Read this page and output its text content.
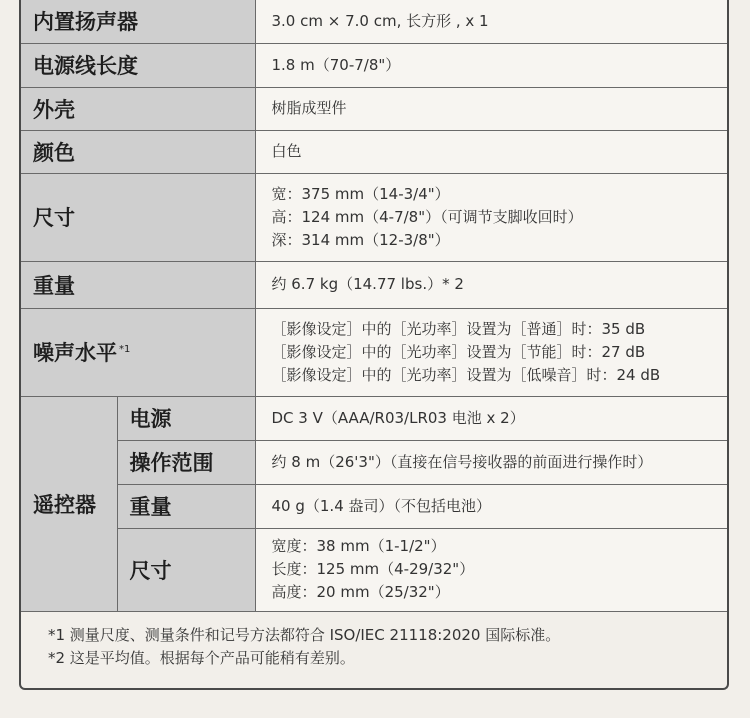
内置扬声器		3.0 cm × 7.0 cm, 长方形 , x 1
电源线长度		1.8 m（70-7/8"）
外壳		树脂成型件
颜色		白色
尺寸		宽：375 mm（14-3/4"）
高：124 mm（4-7/8"）（可调节支脚收回时）
深：314 mm（12-3/8"）

重量		约 6.7 kg（14.77 lbs.）* 2
噪声水平 $^{*1}$		［影像设定］中的［光功率］设置为［普通］时：35 dB
［影像设定］中的［光功率］设置为［节能］时：27 dB
［影像设定］中的［光功率］设置为［低噪音］时：24 dB

遥控器	电源	DC 3 V（AAA/R03/LR03 电池 x 2）
	操作范围	约 8 m（26'3"）（直接在信号接收器的前面进行操作时）
	重量	40 g（1.4 盎司）（不包括电池）
	尺寸	宽度：38 mm（1-1/2"）
长度：125 mm（4-29/32"）
高度：20 mm（25/32"）
*1 测量尺度、测量条件和记号方法都符合 ISO/IEC 21118:2020 国际标准。
*2 这是平均值。根据每个产品可能稍有差别。
